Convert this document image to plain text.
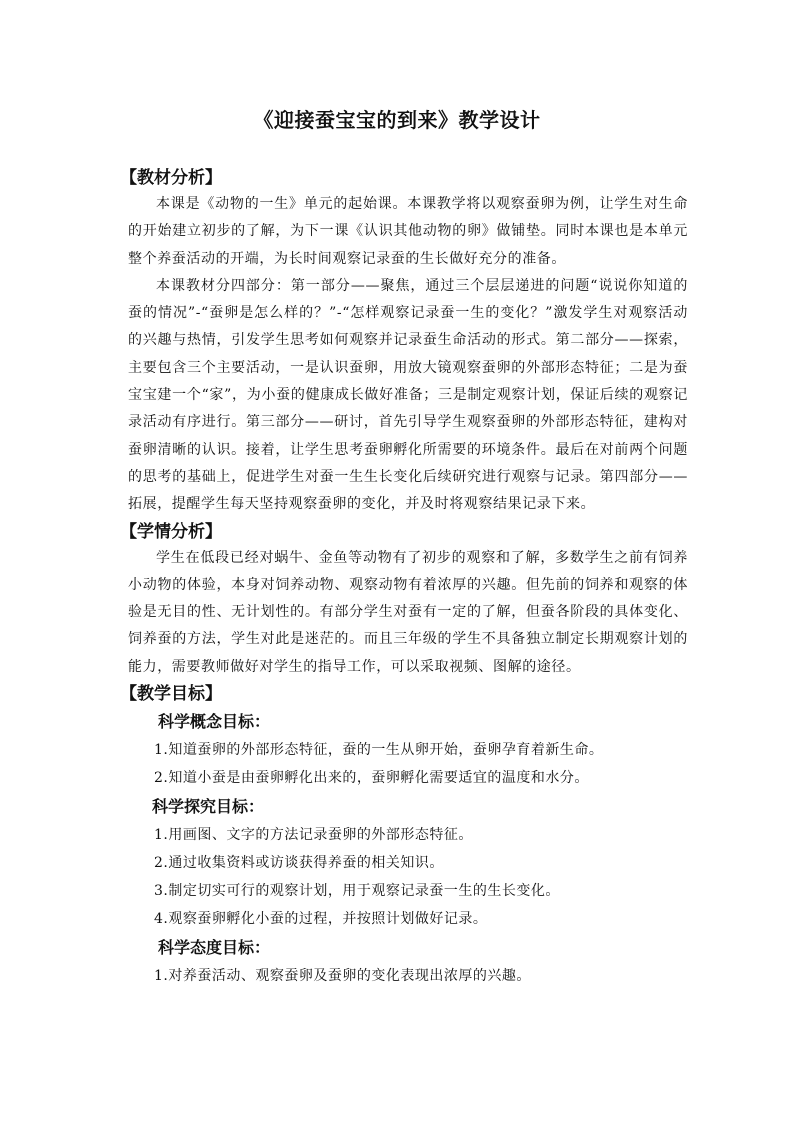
《迎接蚕宝宝的到来》教学设计
【教材分析】

本课是《动物的一生》单元的起始课。本课教学将以观察蚕卵为例，让学生对生命的开始建立初步的了解，为下一课《认识其他动物的卵》做铺垫。同时本课也是本单元整个养蚕活动的开端，为长时间观察记录蚕的生长做好充分的准备。

本课教材分四部分：第一部分——聚焦，通过三个层层递进的问题“说说你知道的蚕的情况”-“蚕卵是怎么样的？”-“怎样观察记录蚕一生的变化？”激发学生对观察活动的兴趣与热情，引发学生思考如何观察并记录蚕生命活动的形式。第二部分——探索，主要包含三个主要活动，一是认识蚕卵，用放大镜观察蚕卵的外部形态特征；二是为蚕宝宝建一个“家”，为小蚕的健康成长做好准备；三是制定观察计划，保证后续的观察记录活动有序进行。第三部分——研讨，首先引导学生观察蚕卵的外部形态特征，建构对蚕卵清晰的认识。接着，让学生思考蚕卵孵化所需要的环境条件。最后在对前两个问题的思考的基础上，促进学生对蚕一生生长变化后续研究进行观察与记录。第四部分——拓展，提醒学生每天坚持观察蚕卵的变化，并及时将观察结果记录下来。

【学情分析】

学生在低段已经对蜗牛、金鱼等动物有了初步的观察和了解，多数学生之前有饲养小动物的体验，本身对饲养动物、观察动物有着浓厚的兴趣。但先前的饲养和观察的体验是无目的性、无计划性的。有部分学生对蚕有一定的了解，但蚕各阶段的具体变化、饲养蚕的方法，学生对此是迷茫的。而且三年级的学生不具备独立制定长期观察计划的能力，需要教师做好对学生的指导工作，可以采取视频、图解的途径。

【教学目标】
科学概念目标：
1.知道蚕卵的外部形态特征，蚕的一生从卵开始，蚕卵孕育着新生命。
2.知道小蚕是由蚕卵孵化出来的，蚕卵孵化需要适宜的温度和水分。
科学探究目标：
1.用画图、文字的方法记录蚕卵的外部形态特征。
2.通过收集资料或访谈获得养蚕的相关知识。
3.制定切实可行的观察计划，用于观察记录蚕一生的生长变化。
4.观察蚕卵孵化小蚕的过程，并按照计划做好记录。
科学态度目标：
1.对养蚕活动、观察蚕卵及蚕卵的变化表现出浓厚的兴趣。
